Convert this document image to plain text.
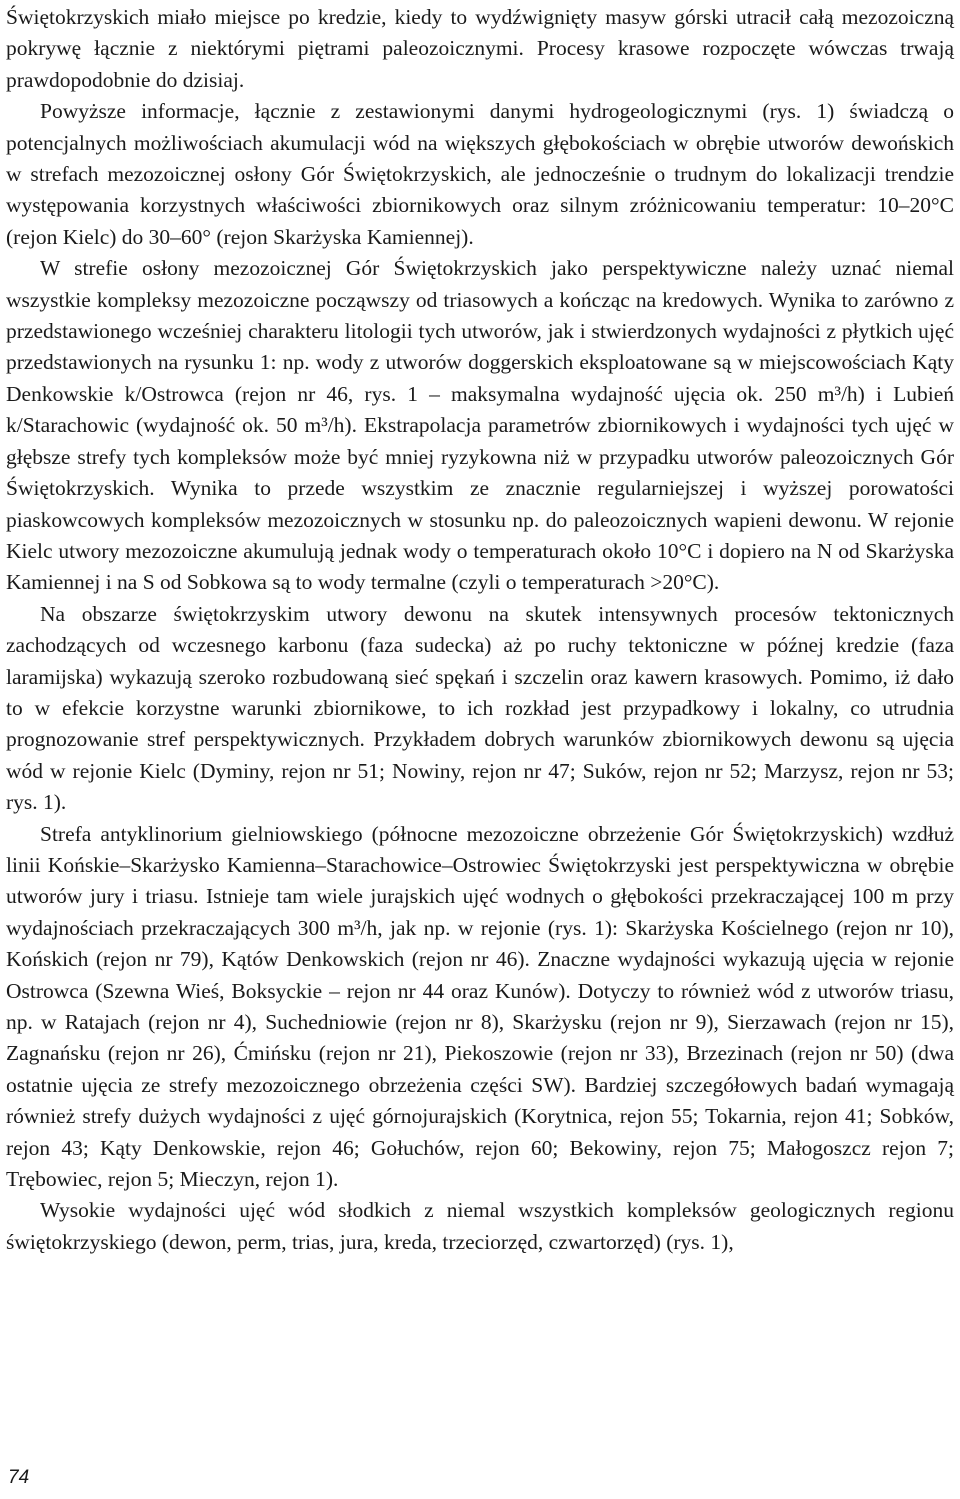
Świętokrzyskich miało miejsce po kredzie, kiedy to wydźwignięty masyw górski utracił całą mezozoiczną pokrywę łącznie z niektórymi piętrami paleozoicznymi. Procesy krasowe rozpoczęte wówczas trwają prawdopodobnie do dzisiaj.

Powyższe informacje, łącznie z zestawionymi danymi hydrogeologicznymi (rys. 1) świadczą o potencjalnych możliwościach akumulacji wód na większych głębokościach w obrębie utworów dewońskich w strefach mezozoicznej osłony Gór Świętokrzyskich, ale jednocześnie o trudnym do lokalizacji trendzie występowania korzystnych właściwości zbiornikowych oraz silnym zróżnicowaniu temperatur: 10–20°C (rejon Kielc) do 30–60° (rejon Skarżyska Kamiennej).

W strefie osłony mezozoicznej Gór Świętokrzyskich jako perspektywiczne należy uznać niemal wszystkie kompleksy mezozoiczne począwszy od triasowych a kończąc na kredowych. Wynika to zarówno z przedstawionego wcześniej charakteru litologii tych utworów, jak i stwierdzonych wydajności z płytkich ujęć przedstawionych na rysunku 1: np. wody z utworów doggerskich eksploatowane są w miejscowościach Kąty Denkowskie k/Ostrowca (rejon nr 46, rys. 1 – maksymalna wydajność ujęcia ok. 250 m³/h) i Lubień k/Starachowic (wydajność ok. 50 m³/h). Ekstrapolacja parametrów zbiornikowych i wydajności tych ujęć w głębsze strefy tych kompleksów może być mniej ryzykowna niż w przypadku utworów paleozoicznych Gór Świętokrzyskich. Wynika to przede wszystkim ze znacznie regularniejszej i wyższej porowatości piaskowcowych kompleksów mezozoicznych w stosunku np. do paleozoicznych wapieni dewonu. W rejonie Kielc utwory mezozoiczne akumulują jednak wody o temperaturach około 10°C i dopiero na N od Skarżyska Kamiennej i na S od Sobkowa są to wody termalne (czyli o temperaturach >20°C).

Na obszarze świętokrzyskim utwory dewonu na skutek intensywnych procesów tektonicznych zachodzących od wczesnego karbonu (faza sudecka) aż po ruchy tektoniczne w późnej kredzie (faza laramijska) wykazują szeroko rozbudowaną sieć spękań i szczelin oraz kawern krasowych. Pomimo, iż dało to w efekcie korzystne warunki zbiornikowe, to ich rozkład jest przypadkowy i lokalny, co utrudnia prognozowanie stref perspektywicznych. Przykładem dobrych warunków zbiornikowych dewonu są ujęcia wód w rejonie Kielc (Dyminy, rejon nr 51; Nowiny, rejon nr 47; Suków, rejon nr 52; Marzysz, rejon nr 53; rys. 1).

Strefa antyklinorium gielniowskiego (północne mezozoiczne obrzeżenie Gór Świętokrzyskich) wzdłuż linii Końskie–Skarżysko Kamienna–Starachowice–Ostrowiec Świętokrzyski jest perspektywiczna w obrębie utworów jury i triasu. Istnieje tam wiele jurajskich ujęć wodnych o głębokości przekraczającej 100 m przy wydajnościach przekraczających 300 m³/h, jak np. w rejonie (rys. 1): Skarżyska Kościelnego (rejon nr 10), Końskich (rejon nr 79), Kątów Denkowskich (rejon nr 46). Znaczne wydajności wykazują ujęcia w rejonie Ostrowca (Szewna Wieś, Boksyckie – rejon nr 44 oraz Kunów). Dotyczy to również wód z utworów triasu, np. w Ratajach (rejon nr 4), Suchedniowie (rejon nr 8), Skarżysku (rejon nr 9), Sierzawach (rejon nr 15), Zagnańsku (rejon nr 26), Ćmińsku (rejon nr 21), Piekoszowie (rejon nr 33), Brzezinach (rejon nr 50) (dwa ostatnie ujęcia ze strefy mezozoicznego obrzeżenia części SW). Bardziej szczegółowych badań wymagają również strefy dużych wydajności z ujęć górnojurajskich (Korytnica, rejon 55; Tokarnia, rejon 41; Sobków, rejon 43; Kąty Denkowskie, rejon 46; Gołuchów, rejon 60; Bekowiny, rejon 75; Małogoszcz rejon 7; Trębowiec, rejon 5; Mieczyn, rejon 1).

Wysokie wydajności ujęć wód słodkich z niemal wszystkich kompleksów geologicznych regionu świętokrzyskiego (dewon, perm, trias, jura, kreda, trzeciorzęd, czwartorzęd) (rys. 1),

74
